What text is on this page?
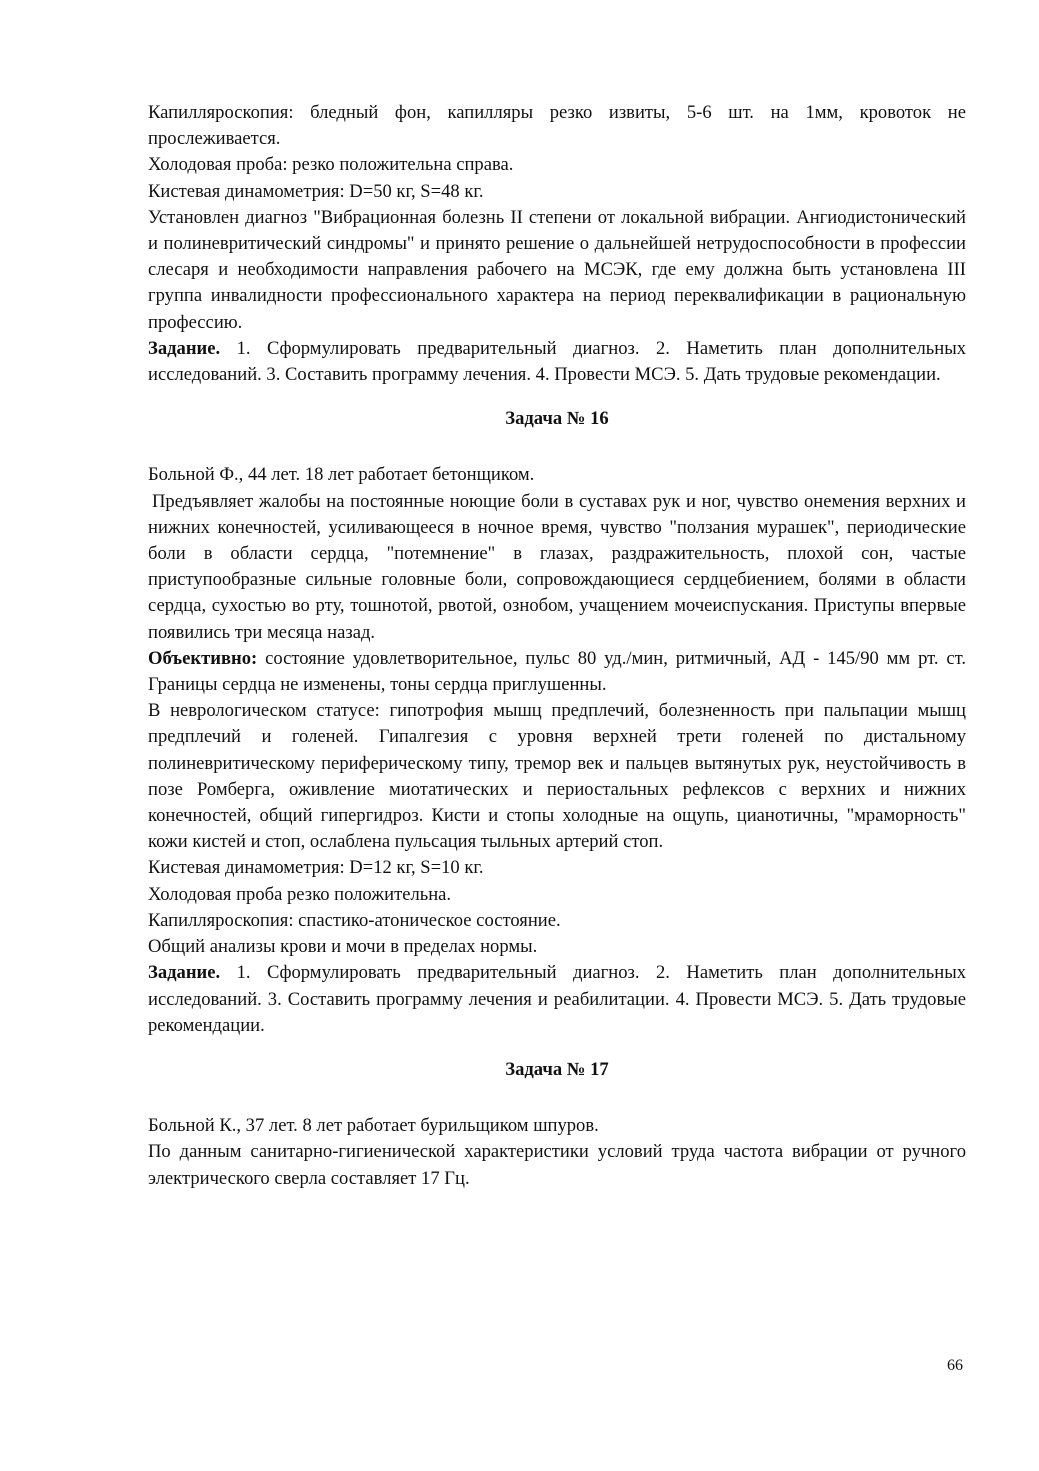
Капилляроскопия: бледный фон, капилляры резко извиты, 5-6 шт. на 1мм, кровоток не прослеживается.

Холодовая проба: резко положительна справа.

Кистевая динамометрия: D=50 кг, S=48 кг.

Установлен диагноз "Вибрационная болезнь II степени от локальной вибрации. Ангиодистонический и полиневритический синдромы" и принято решение о дальнейшей нетрудоспособности в профессии слесаря и необходимости направления рабочего на МСЭК, где ему должна быть установлена III группа инвалидности профессионального характера на период переквалификации в рациональную профессию.

Задание. 1. Сформулировать предварительный диагноз. 2. Наметить план дополнительных исследований. 3. Составить программу лечения. 4. Провести МСЭ. 5. Дать трудовые рекомендации.

Задача № 16

Больной Ф., 44 лет. 18 лет работает бетонщиком.

Предъявляет жалобы на постоянные ноющие боли в суставах рук и ног, чувство онемения верхних и нижних конечностей, усиливающееся в ночное время, чувство "ползания мурашек", периодические боли в области сердца, "потемнение" в глазах, раздражительность, плохой сон, частые приступообразные сильные головные боли, сопровождающиеся сердцебиением, болями в области сердца, сухостью во рту, тошнотой, рвотой, ознобом, учащением мочеиспускания. Приступы впервые появились три месяца назад.

Объективно: состояние удовлетворительное, пульс 80 уд./мин, ритмичный, АД - 145/90 мм рт. ст. Границы сердца не изменены, тоны сердца приглушенны.

В неврологическом статусе: гипотрофия мышц предплечий, болезненность при пальпации мышц предплечий и голеней. Гипалгезия с уровня верхней трети голеней по дистальному полиневритическому периферическому типу, тремор век и пальцев вытянутых рук, неустойчивость в позе Ромберга, оживление миотатических и периостальных рефлексов с верхних и нижних конечностей, общий гипергидроз. Кисти и стопы холодные на ощупь, цианотичны, "мраморность" кожи кистей и стоп, ослаблена пульсация тыльных артерий стоп.

Кистевая динамометрия: D=12 кг, S=10 кг.

Холодовая проба резко положительна.

Капилляроскопия: спастико-атоническое состояние.

Общий анализы крови и мочи в пределах нормы.

Задание. 1. Сформулировать предварительный диагноз. 2. Наметить план дополнительных исследований. 3. Составить программу лечения и реабилитации. 4. Провести МСЭ. 5. Дать трудовые рекомендации.

Задача № 17

Больной К., 37 лет. 8 лет работает бурильщиком шпуров.

По данным санитарно-гигиенической характеристики условий труда частота вибрации от ручного электрического сверла составляет 17 Гц.

66
